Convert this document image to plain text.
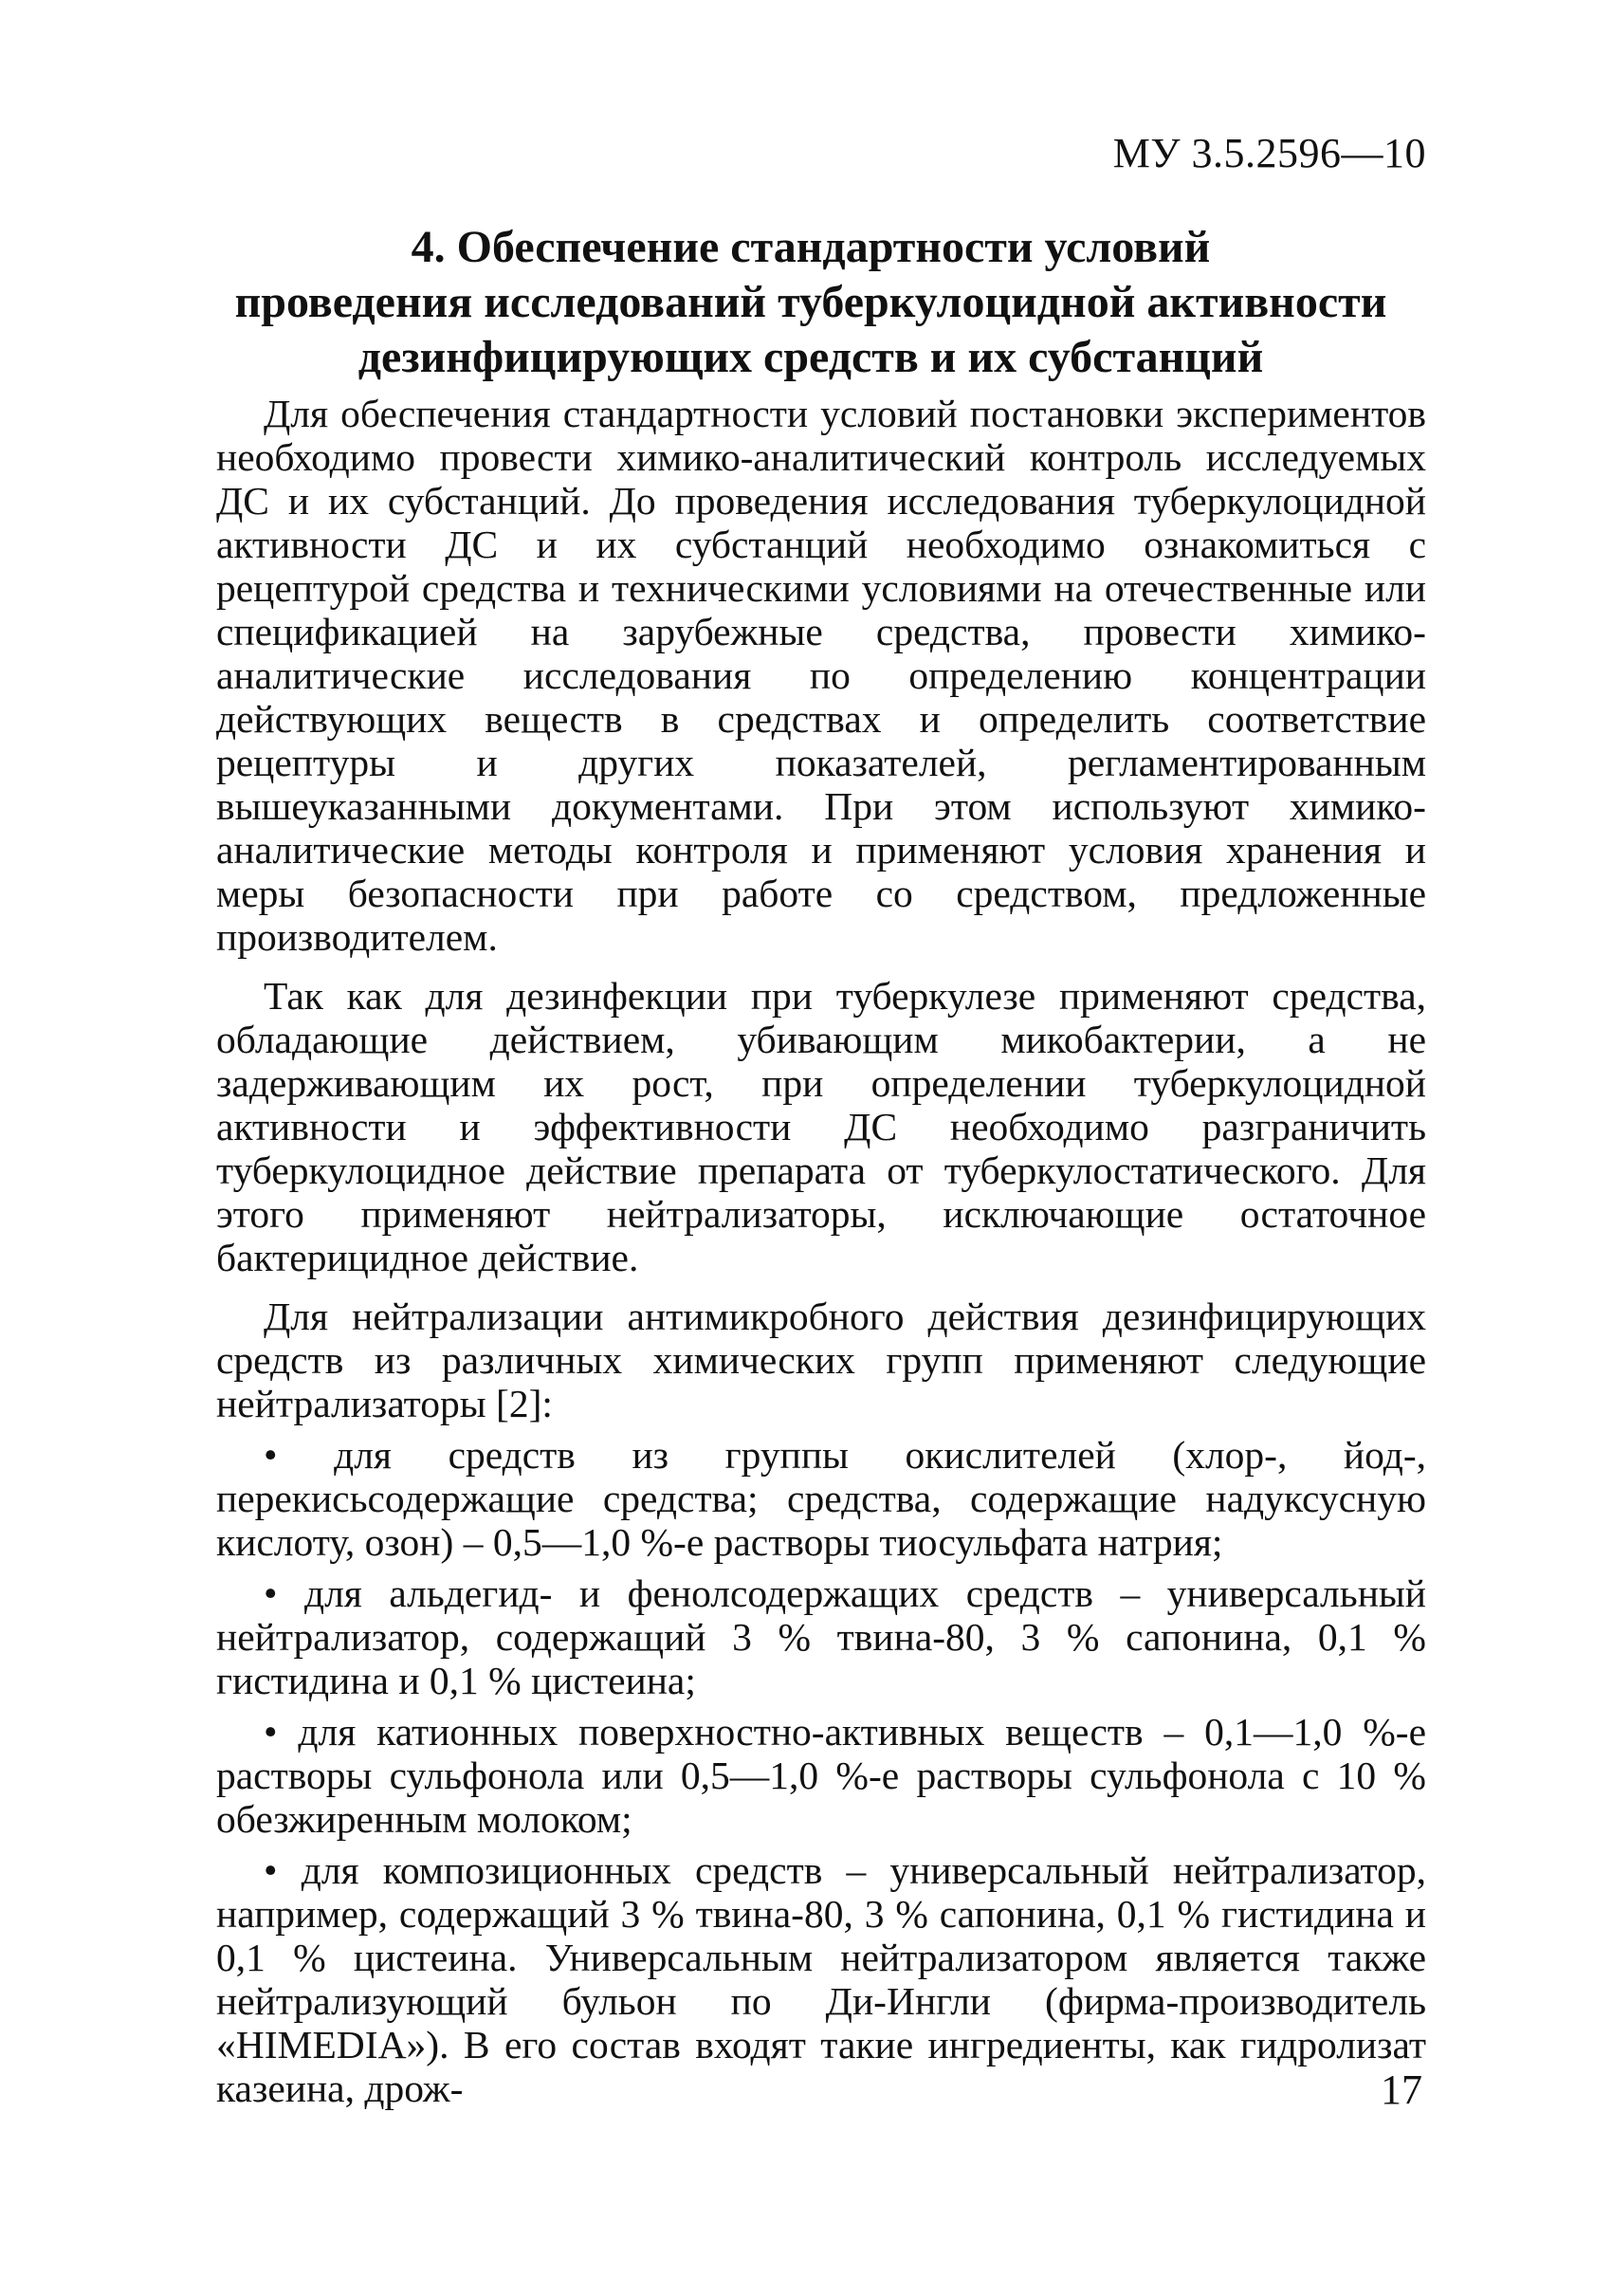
МУ 3.5.2596—10
4. Обеспечение стандартности условий
проведения исследований туберкулоцидной активности
дезинфицирующих средств и их субстанций

Для обеспечения стандартности условий постановки экспериментов необходимо провести химико-аналитический контроль исследуемых ДС и их субстанций. До проведения исследования туберкулоцидной активности ДС и их субстанций необходимо ознакомиться с рецептурой средства и техническими условиями на отечественные или спецификацией на зарубежные средства, провести химико-аналитические исследования по определению концентрации действующих веществ в средствах и определить соответствие рецептуры и других показателей, регламентированным вышеуказанными документами. При этом используют химико-аналитические методы контроля и применяют условия хранения и меры безопасности при работе со средством, предложенные производителем.

Так как для дезинфекции при туберкулезе применяют средства, обладающие действием, убивающим микобактерии, а не задерживающим их рост, при определении туберкулоцидной активности и эффективности ДС необходимо разграничить туберкулоцидное действие препарата от туберкулостатического. Для этого применяют нейтрализаторы, исключающие остаточное бактерицидное действие.

Для нейтрализации антимикробного действия дезинфицирующих средств из различных химических групп применяют следующие нейтрализаторы [2]:

• для средств из группы окислителей (хлор-, йод-, перекисьсодержащие средства; средства, содержащие надуксусную кислоту, озон) – 0,5—1,0 %-е растворы тиосульфата натрия;

• для альдегид- и фенолсодержащих средств – универсальный нейтрализатор, содержащий 3 % твина-80, 3 % сапонина, 0,1 % гистидина и 0,1 % цистеина;

• для катионных поверхностно-активных веществ – 0,1—1,0 %-е растворы сульфонола или 0,5—1,0 %-е растворы сульфонола с 10 % обезжиренным молоком;

• для композиционных средств – универсальный нейтрализатор, например, содержащий 3 % твина-80, 3 % сапонина, 0,1 % гистидина и 0,1 % цистеина. Универсальным нейтрализатором является также нейтрализующий бульон по Ди-Ингли (фирма-производитель «HIMEDIA»). В его состав входят такие ингредиенты, как гидролизат казеина, дрож-	17
